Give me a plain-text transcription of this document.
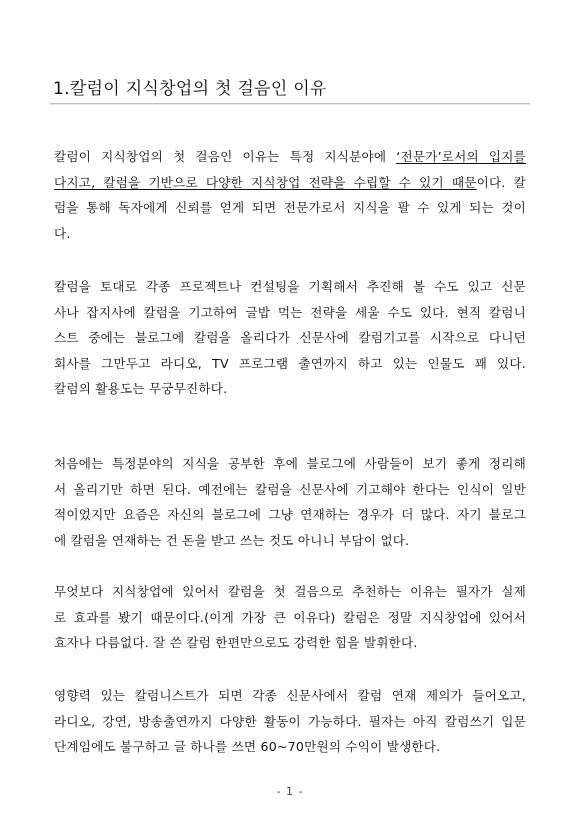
1.칼럼이 지식창업의 첫 걸음인 이유
칼럼이 지식창업의 첫 걸음인 이유는 특정 지식분야에 ‘전문가’로서의 입지를
다지고, 칼럼을 기반으로 다양한 지식창업 전략을 수립할 수 있기 때문이다. 칼
럼을 통해 독자에게 신뢰를 얻게 되면 전문가로서 지식을 팔 수 있게 되는 것이
다.
칼럼을 토대로 각종 프로젝트나 컨설팅을 기획해서 추진해 볼 수도 있고 신문
사나 잡지사에 칼럼을 기고하여 글밥 먹는 전략을 세울 수도 있다. 현직 칼럼니
스트 중에는 블로그에 칼럼을 올리다가 신문사에 칼럼기고를 시작으로 다니던
회사를 그만두고 라디오, TV 프로그램 출연까지 하고 있는 인물도 꽤 있다.
칼럼의 활용도는 무궁무진하다.
처음에는 특정분야의 지식을 공부한 후에 블로그에 사람들이 보기 좋게 정리해
서 올리기만 하면 된다. 예전에는 칼럼을 신문사에 기고해야 한다는 인식이 일반
적이었지만 요즘은 자신의 블로그에 그냥 연재하는 경우가 더 많다. 자기 블로그
에 칼럼을 연재하는 건 돈을 받고 쓰는 것도 아니니 부담이 없다.
무엇보다 지식창업에 있어서 칼럼을 첫 걸음으로 추천하는 이유는 필자가 실제
로 효과를 봤기 때문이다.(이게 가장 큰 이유다) 칼럼은 정말 지식창업에 있어서
효자나 다름없다. 잘 쓴 칼럼 한편만으로도 강력한 힘을 발휘한다.
영향력 있는 칼럼니스트가 되면 각종 신문사에서 칼럼 연재 제의가 들어오고,
라디오, 강연, 방송출연까지 다양한 활동이 가능하다. 필자는 아직 칼럼쓰기 입문
단계임에도 불구하고 글 하나를 쓰면 60~70만원의 수익이 발생한다.
- 1 -
